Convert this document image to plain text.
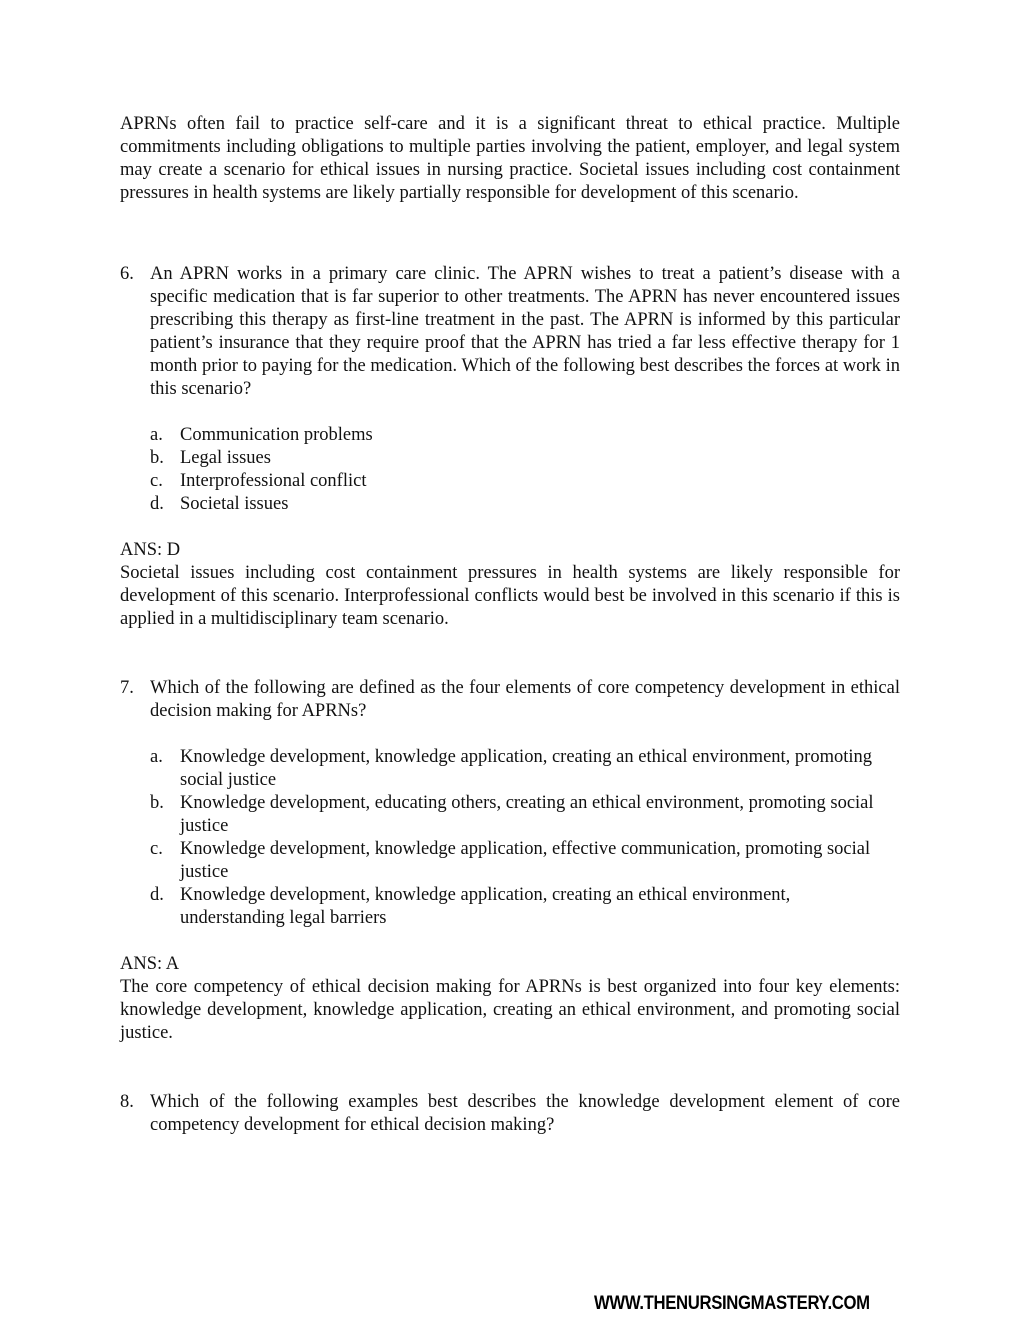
APRNs often fail to practice self-care and it is a significant threat to ethical practice. Multiple commitments including obligations to multiple parties involving the patient, employer, and legal system may create a scenario for ethical issues in nursing practice. Societal issues including cost containment pressures in health systems are likely partially responsible for development of this scenario.

6. An APRN works in a primary care clinic. The APRN wishes to treat a patient’s disease with a specific medication that is far superior to other treatments. The APRN has never encountered issues prescribing this therapy as first-line treatment in the past. The APRN is informed by this particular patient’s insurance that they require proof that the APRN has tried a far less effective therapy for 1 month prior to paying for the medication. Which of the following best describes the forces at work in this scenario?
a. Communication problems
b. Legal issues
c. Interprofessional conflict
d. Societal issues
ANS: D

Societal issues including cost containment pressures in health systems are likely responsible for development of this scenario. Interprofessional conflicts would best be involved in this scenario if this is applied in a multidisciplinary team scenario.

7. Which of the following are defined as the four elements of core competency development in ethical decision making for APRNs?
a. Knowledge development, knowledge application, creating an ethical environment, promoting social justice
b. Knowledge development, educating others, creating an ethical environment, promoting social justice
c. Knowledge development, knowledge application, effective communication, promoting social justice
d. Knowledge development, knowledge application, creating an ethical environment, understanding legal barriers
ANS: A

The core competency of ethical decision making for APRNs is best organized into four key elements: knowledge development, knowledge application, creating an ethical environment, and promoting social justice.

8. Which of the following examples best describes the knowledge development element of core competency development for ethical decision making?
WWW.THENURSINGMASTERY.COM
